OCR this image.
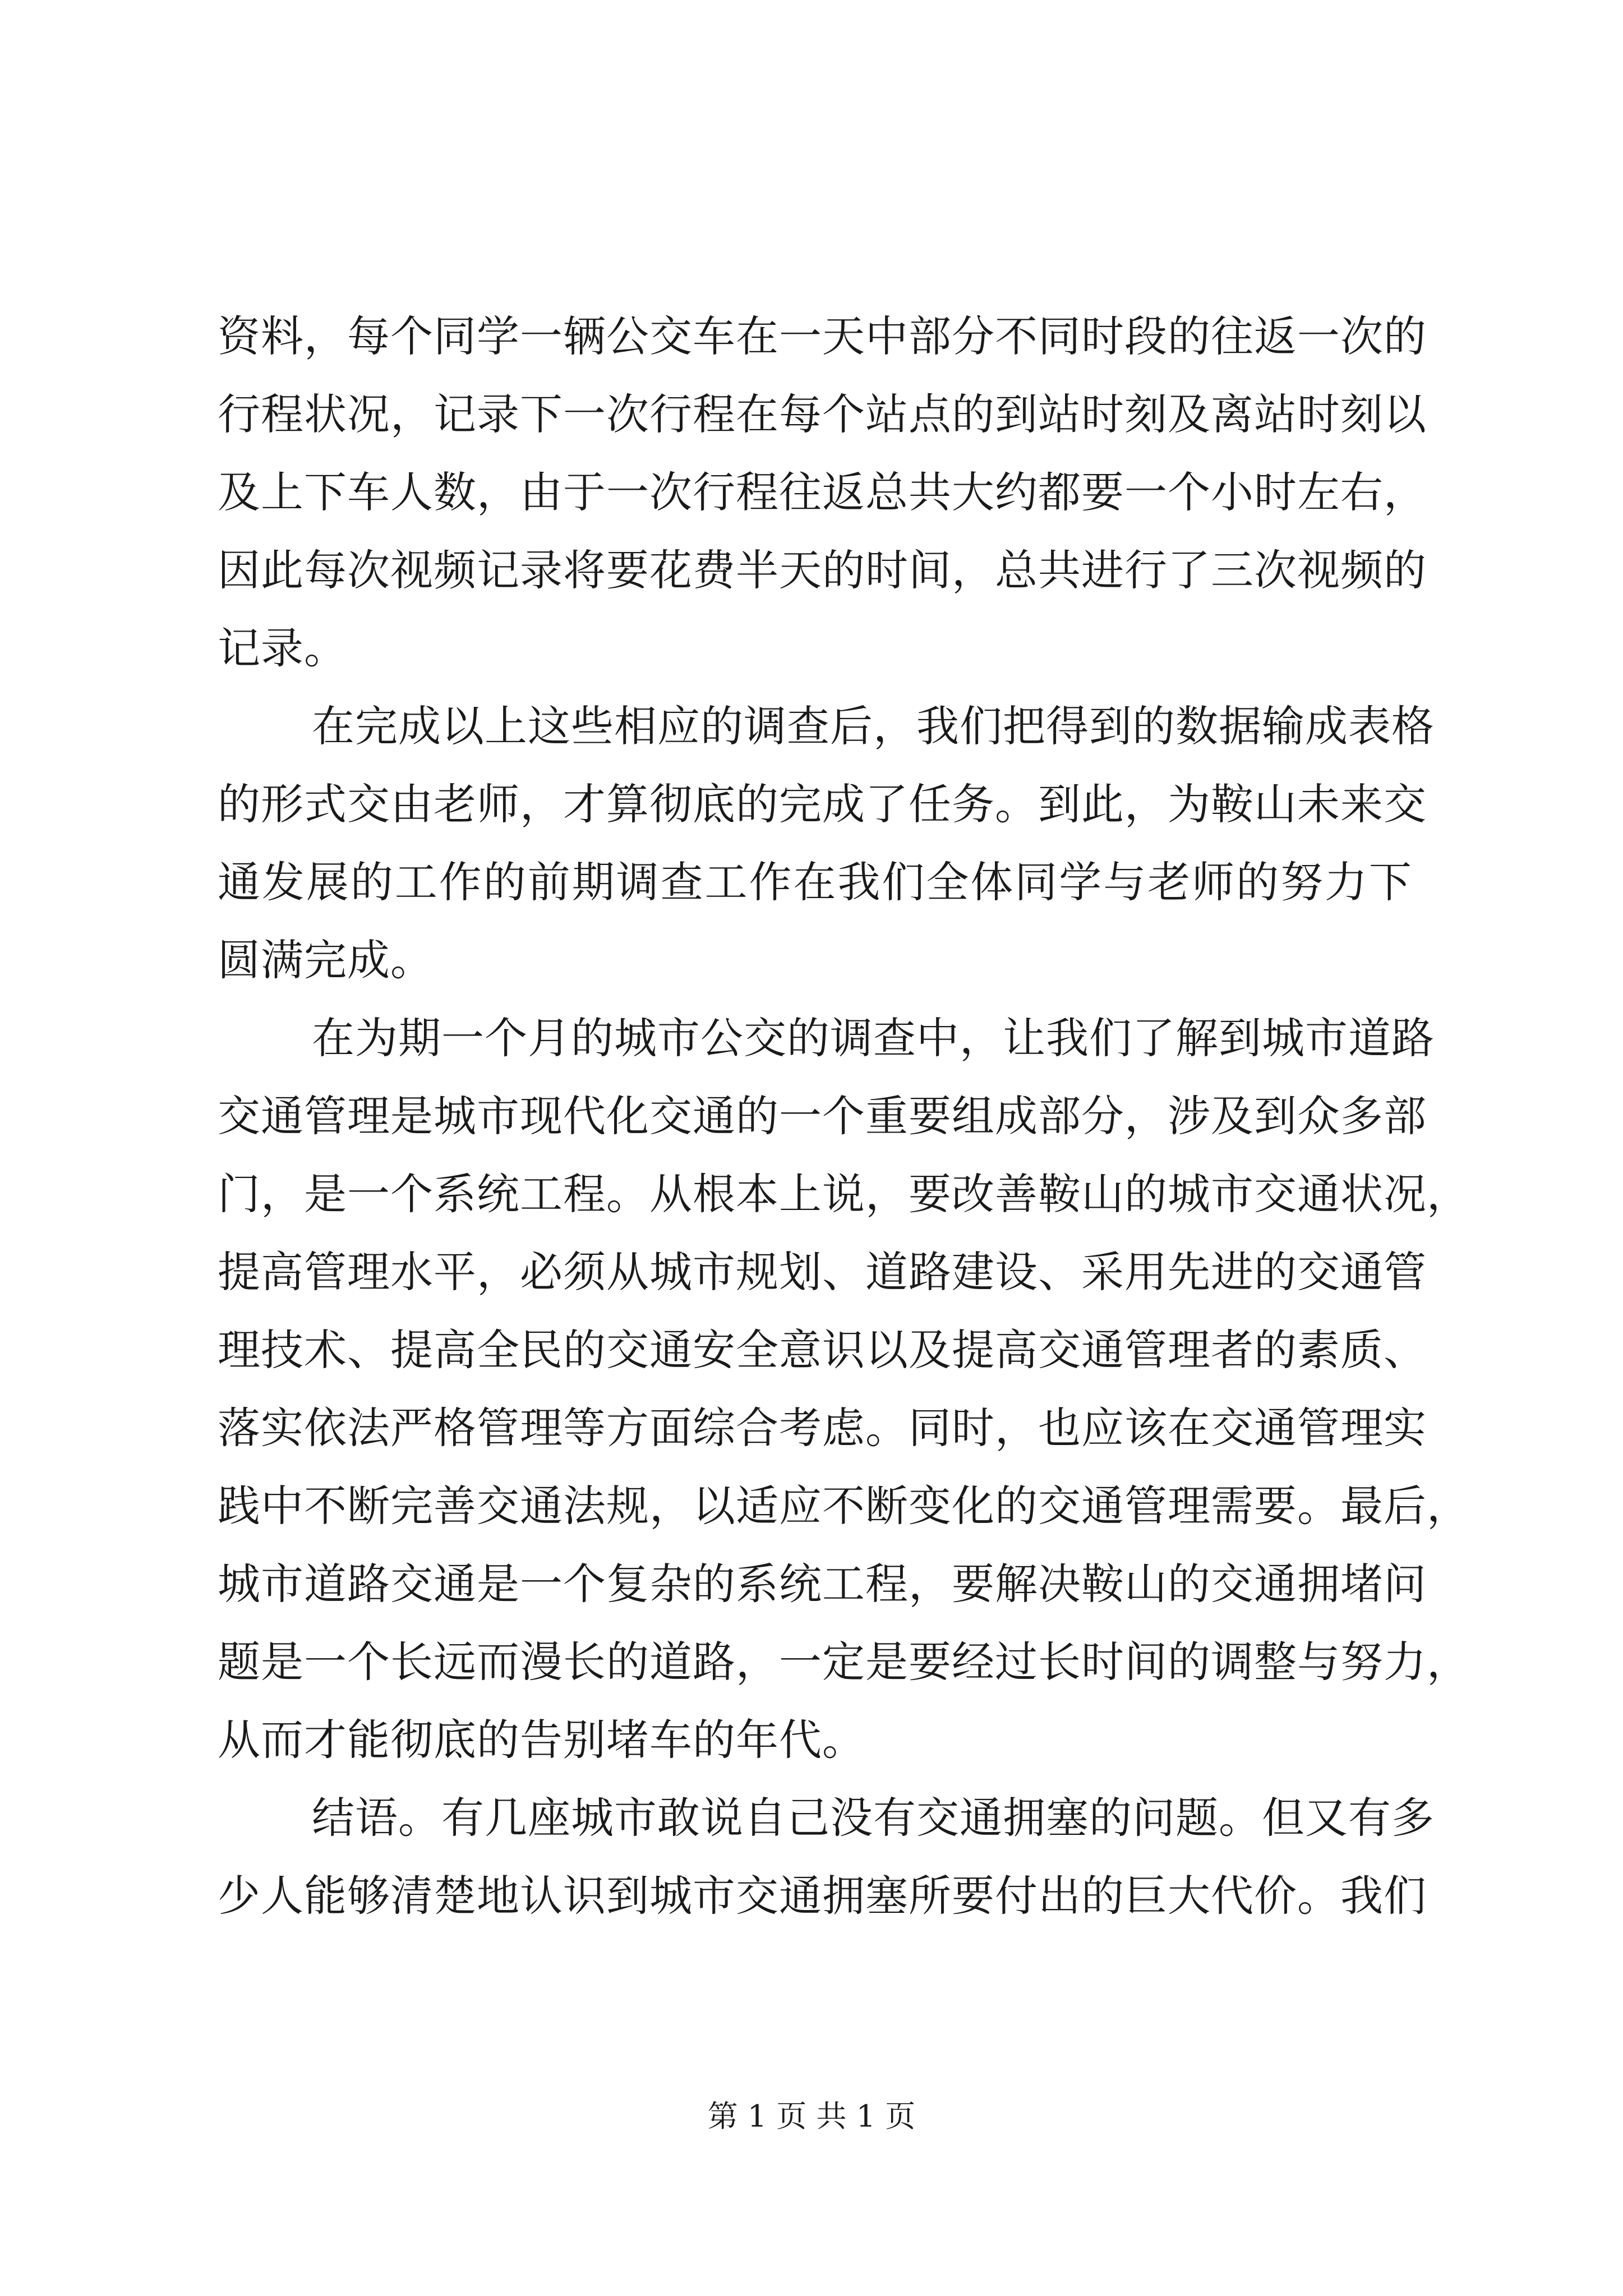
资料，每个同学一辆公交车在一天中部分不同时段的往返一次的
行程状况，记录下一次行程在每个站点的到站时刻及离站时刻以
及上下车人数，由于一次行程往返总共大约都要一个小时左右，
因此每次视频记录将要花费半天的时间，总共进行了三次视频的
记录。
在完成以上这些相应的调查后，我们把得到的数据输成表格
的形式交由老师，才算彻底的完成了任务。到此，为鞍山未来交
通发展的工作的前期调查工作在我们全体同学与老师的努力下
圆满完成。
在为期一个月的城市公交的调查中，让我们了解到城市道路
交通管理是城市现代化交通的一个重要组成部分，涉及到众多部
门，是一个系统工程。从根本上说，要改善鞍山的城市交通状况，
提高管理水平，必须从城市规划、道路建设、采用先进的交通管
理技术、提高全民的交通安全意识以及提高交通管理者的素质、
落实依法严格管理等方面综合考虑。同时，也应该在交通管理实
践中不断完善交通法规，以适应不断变化的交通管理需要。最后，
城市道路交通是一个复杂的系统工程，要解决鞍山的交通拥堵问
题是一个长远而漫长的道路，一定是要经过长时间的调整与努力，
从而才能彻底的告别堵车的年代。
结语。有几座城市敢说自己没有交通拥塞的问题。但又有多
少人能够清楚地认识到城市交通拥塞所要付出的巨大代价。我们
第 1 页 共 1 页
